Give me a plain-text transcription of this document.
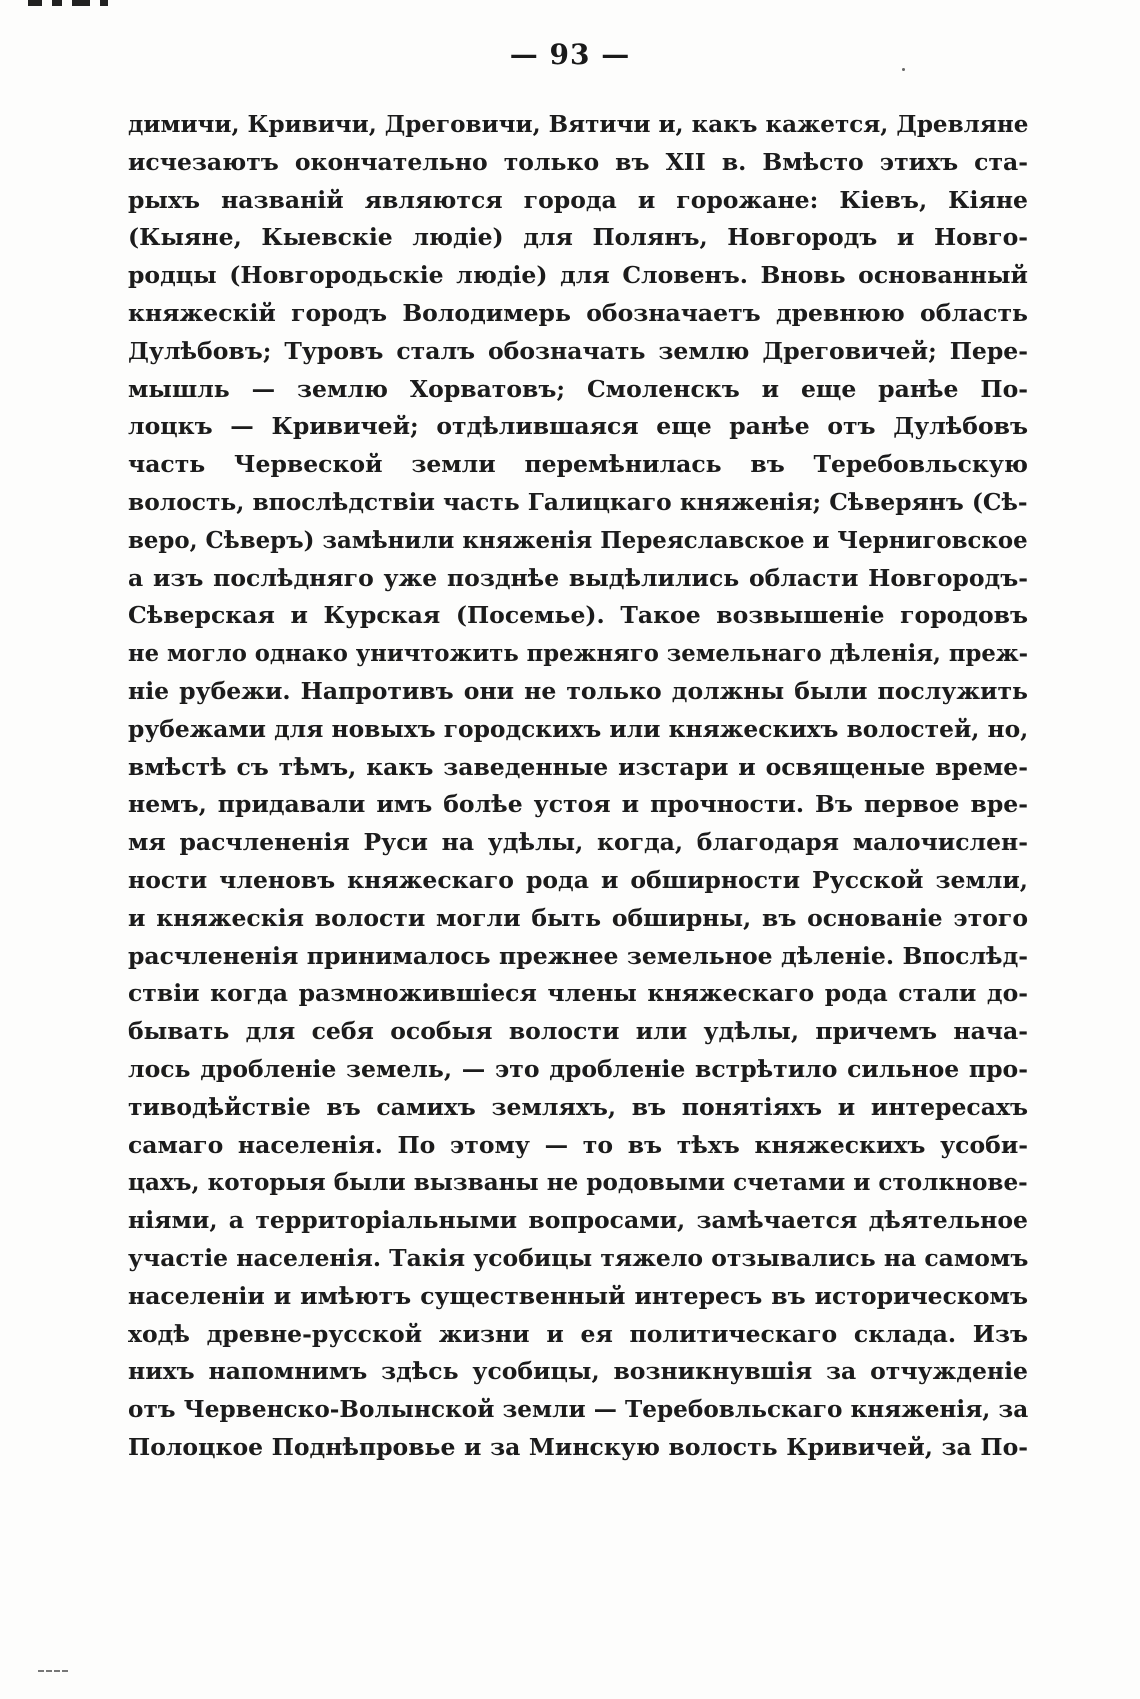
— 93 —

димичи, Кривичи, Дреговичи, Вятичи и, какъ кажется, Древляне

исчезаютъ окончательно только въ XII в. Вмѣсто этихъ ста-

рыхъ названій являются города и горожане: Кіевъ, Кіяне

(Кыяне, Кыевскіе людіе) для Полянъ, Новгородъ и Новго-

родцы (Новгородьскіе людіе) для Словенъ. Вновь основанный

княжескій городъ Володимерь обозначаетъ древнюю область

Дулѣбовъ; Туровъ сталъ обозначать землю Дреговичей; Пере-

мышль — землю Хорватовъ; Смоленскъ и еще ранѣе По-

лоцкъ — Кривичей; отдѣлившаяся еще ранѣе отъ Дулѣбовъ

часть Червеской земли перемѣнилась въ Теребовльскую

волость, впослѣдствіи часть Галицкаго княженія; Сѣверянъ (Сѣ-

веро, Сѣверъ) замѣнили княженія Переяславское и Черниговское

а изъ послѣдняго уже позднѣе выдѣлились области Новгородъ-

Сѣверская и Курская (Посемье). Такое возвышеніе городовъ

не могло однако уничтожить прежняго земельнаго дѣленія, преж-

ніе рубежи. Напротивъ они не только должны были послужить

рубежами для новыхъ городскихъ или княжескихъ волостей, но,

вмѣстѣ съ тѣмъ, какъ заведенные изстари и освященые време-

немъ, придавали имъ болѣе устоя и прочности. Въ первое вре-

мя расчлененія Руси на удѣлы, когда, благодаря малочислен-

ности членовъ княжескаго рода и обширности Русской земли,

и княжескія волости могли быть обширны, въ основаніе этого

расчлененія принималось прежнее земельное дѣленіе. Впослѣд-

ствіи когда размножившіеся члены княжескаго рода стали до-

бывать для себя особыя волости или удѣлы, причемъ нача-

лось дробленіе земель, — это дробленіе встрѣтило сильное про-

тиводѣйствіе въ самихъ земляхъ, въ понятіяхъ и интересахъ

самаго населенія. По этому — то въ тѣхъ княжескихъ усоби-

цахъ, которыя были вызваны не родовыми счетами и столкнове-

ніями, а территоріальными вопросами, замѣчается дѣятельное

участіе населенія. Такія усобицы тяжело отзывались на самомъ

населеніи и имѣютъ существенный интересъ въ историческомъ

ходѣ древне-русской жизни и ея политическаго склада. Изъ

нихъ напомнимъ здѣсь усобицы, возникнувшія за отчужденіе

отъ Червенско-Волынской земли — Теребовльскаго княженія, за

Полоцкое Поднѣпровье и за Минскую волость Кривичей, за По-
